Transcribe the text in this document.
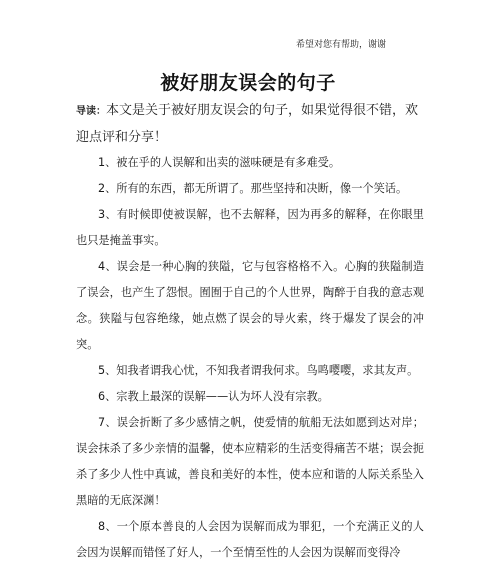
希望对您有帮助，谢谢
被好朋友误会的句子

导读：本文是关于被好朋友误会的句子，如果觉得很不错，欢迎点评和分享！

1、被在乎的人误解和出卖的滋味硬是有多难受。

2、所有的东西，都无所谓了。那些坚持和决断，像一个笑话。

3、有时候即使被误解，也不去解释，因为再多的解释，在你眼里也只是掩盖事实。

4、误会是一种心胸的狭隘，它与包容格格不入。心胸的狭隘制造了误会，也产生了怨恨。囿囿于自己的个人世界，陶醉于自我的意志观念。狭隘与包容绝缘，她点燃了误会的导火索，终于爆发了误会的冲突。

5、知我者谓我心忧，不知我者谓我何求。鸟鸣嘤嘤，求其友声。

6、宗教上最深的误解——认为坏人没有宗教。

7、误会折断了多少感情之帆，使爱情的航船无法如愿到达对岸；误会抹杀了多少亲情的温馨，使本应精彩的生活变得痛苦不堪；误会扼杀了多少人性中真诚，善良和美好的本性，使本应和谐的人际关系坠入黑暗的无底深渊！

8、一个原本善良的人会因为误解而成为罪犯，一个充满正义的人会因为误解而错怪了好人，一个至情至性的人会因为误解而变得冷
